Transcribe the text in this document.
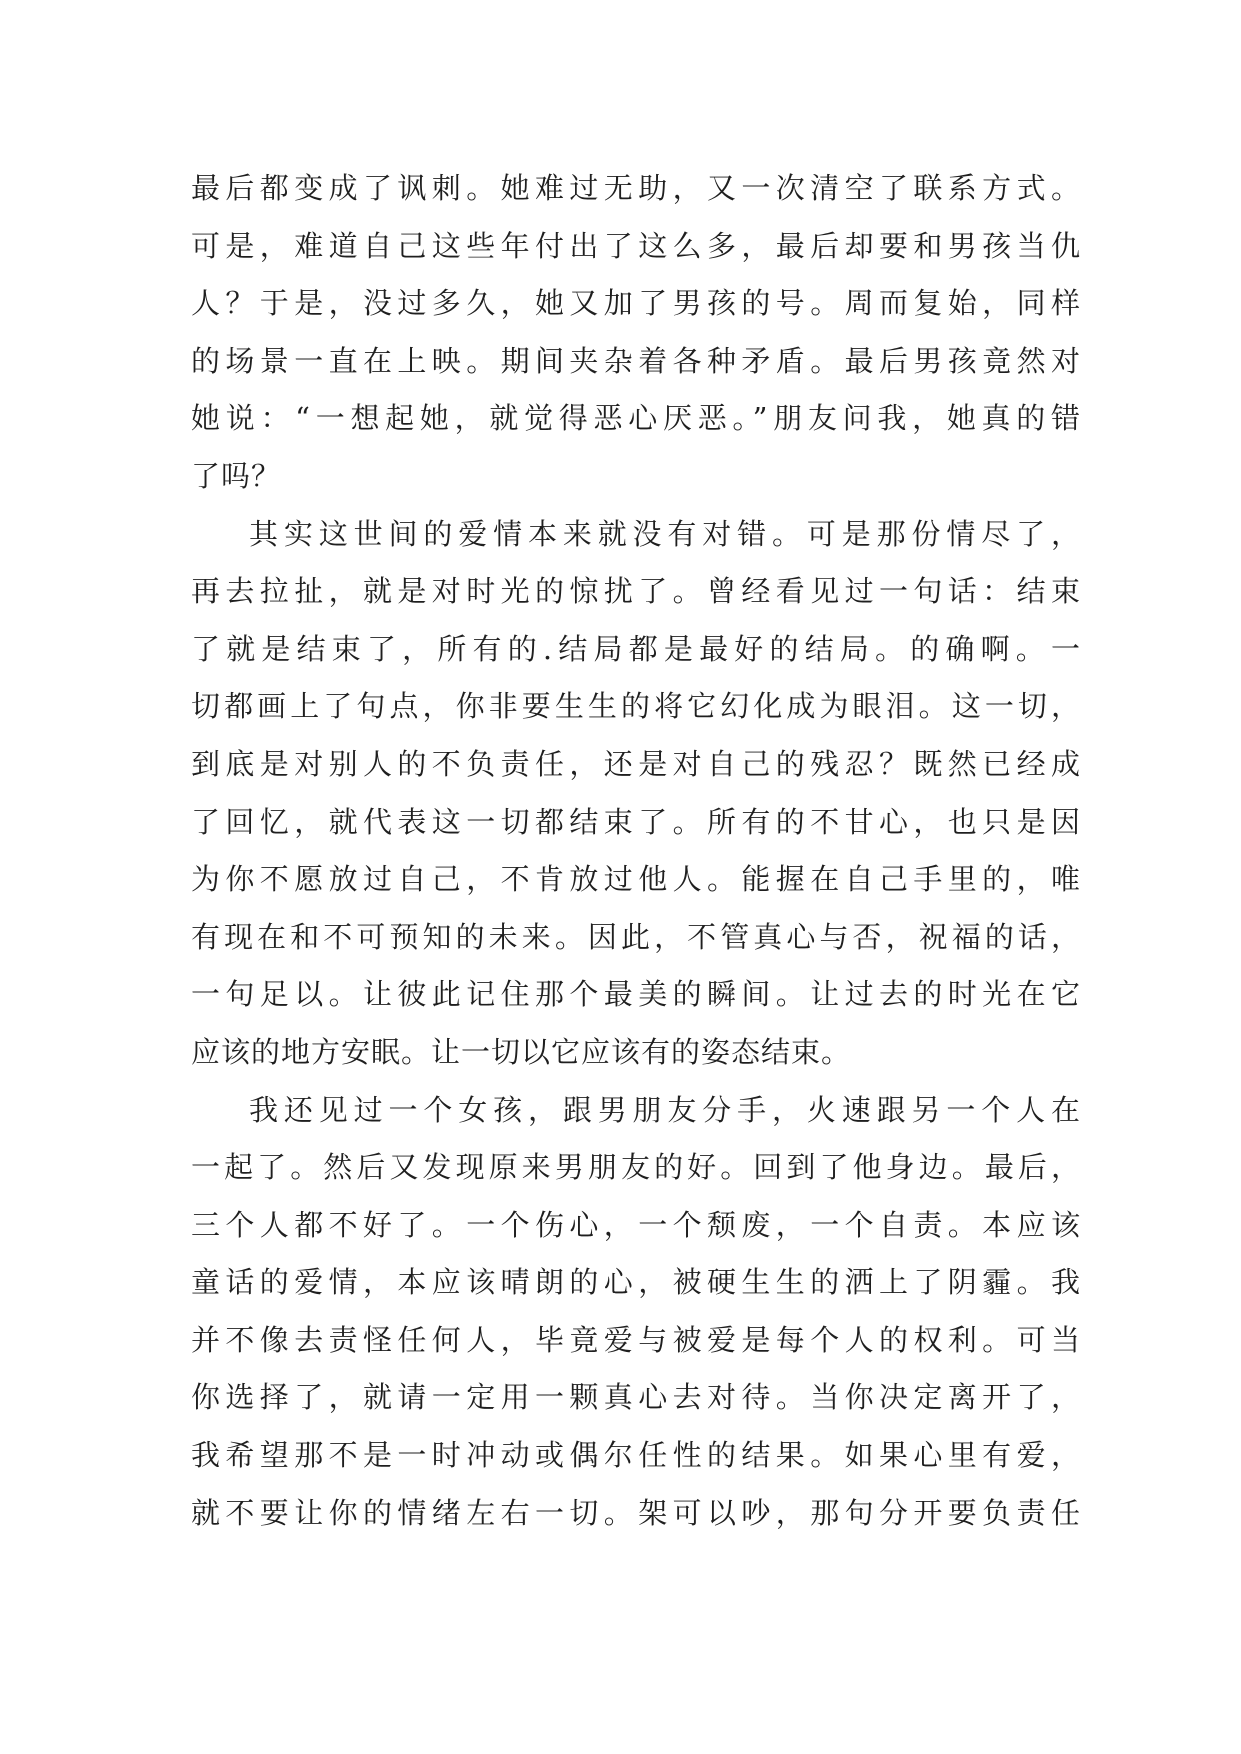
最后都变成了讽刺。她难过无助，又一次清空了联系方式。

可是，难道自己这些年付出了这么多，最后却要和男孩当仇

人？于是，没过多久，她又加了男孩的号。周而复始，同样

的场景一直在上映。期间夹杂着各种矛盾。最后男孩竟然对

她说：“一想起她，就觉得恶心厌恶。”朋友问我，她真的错

了吗？

其实这世间的爱情本来就没有对错。可是那份情尽了，

再去拉扯，就是对时光的惊扰了。曾经看见过一句话：结束

了就是结束了，所有的.结局都是最好的结局。的确啊。一

切都画上了句点，你非要生生的将它幻化成为眼泪。这一切，

到底是对别人的不负责任，还是对自己的残忍？既然已经成

了回忆，就代表这一切都结束了。所有的不甘心，也只是因

为你不愿放过自己，不肯放过他人。能握在自己手里的，唯

有现在和不可预知的未来。因此，不管真心与否，祝福的话，

一句足以。让彼此记住那个最美的瞬间。让过去的时光在它

应该的地方安眠。让一切以它应该有的姿态结束。

我还见过一个女孩，跟男朋友分手，火速跟另一个人在

一起了。然后又发现原来男朋友的好。回到了他身边。最后，

三个人都不好了。一个伤心，一个颓废，一个自责。本应该

童话的爱情，本应该晴朗的心，被硬生生的洒上了阴霾。我

并不像去责怪任何人，毕竟爱与被爱是每个人的权利。可当

你选择了，就请一定用一颗真心去对待。当你决定离开了，

我希望那不是一时冲动或偶尔任性的结果。如果心里有爱，

就不要让你的情绪左右一切。架可以吵，那句分开要负责任
